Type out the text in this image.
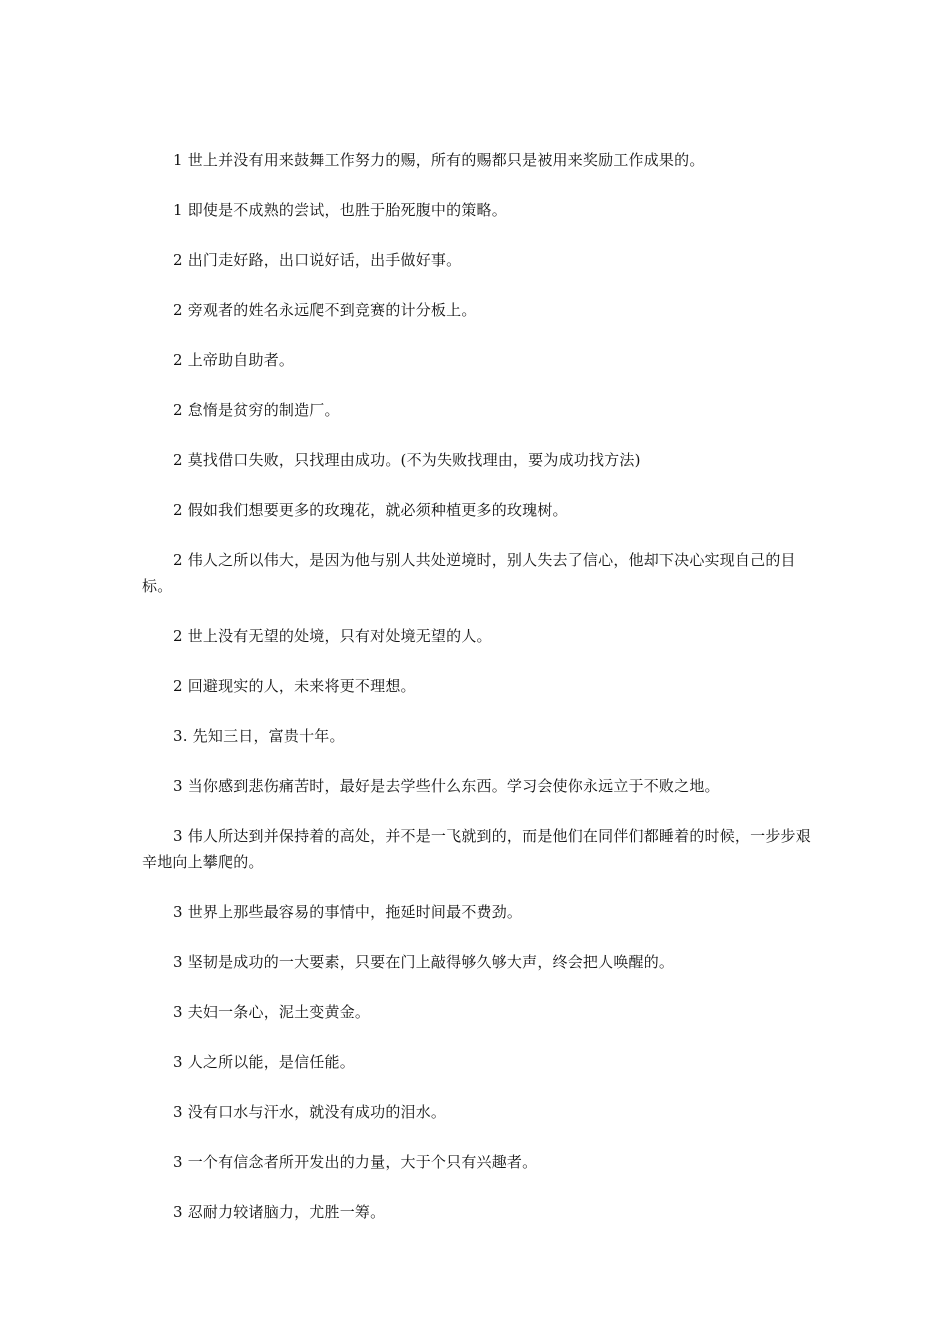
1 世上并没有用来鼓舞工作努力的赐，所有的赐都只是被用来奖励工作成果的。

1 即使是不成熟的尝试，也胜于胎死腹中的策略。

2 出门走好路，出口说好话，出手做好事。

2 旁观者的姓名永远爬不到竞赛的计分板上。

2 上帝助自助者。

2 怠惰是贫穷的制造厂。

2 莫找借口失败，只找理由成功。(不为失败找理由，要为成功找方法)

2 假如我们想要更多的玫瑰花，就必须种植更多的玫瑰树。

2 伟人之所以伟大，是因为他与别人共处逆境时，别人失去了信心，他却下决心实现自己的目标。

2 世上没有无望的处境，只有对处境无望的人。

2 回避现实的人，未来将更不理想。

3. 先知三日，富贵十年。

3 当你感到悲伤痛苦时，最好是去学些什么东西。学习会使你永远立于不败之地。

3 伟人所达到并保持着的高处，并不是一飞就到的，而是他们在同伴们都睡着的时候，一步步艰辛地向上攀爬的。

3 世界上那些最容易的事情中，拖延时间最不费劲。

3 坚韧是成功的一大要素，只要在门上敲得够久够大声，终会把人唤醒的。

3 夫妇一条心，泥土变黄金。

3 人之所以能，是信任能。

3 没有口水与汗水，就没有成功的泪水。

3 一个有信念者所开发出的力量，大于个只有兴趣者。

3 忍耐力较诸脑力，尤胜一筹。
